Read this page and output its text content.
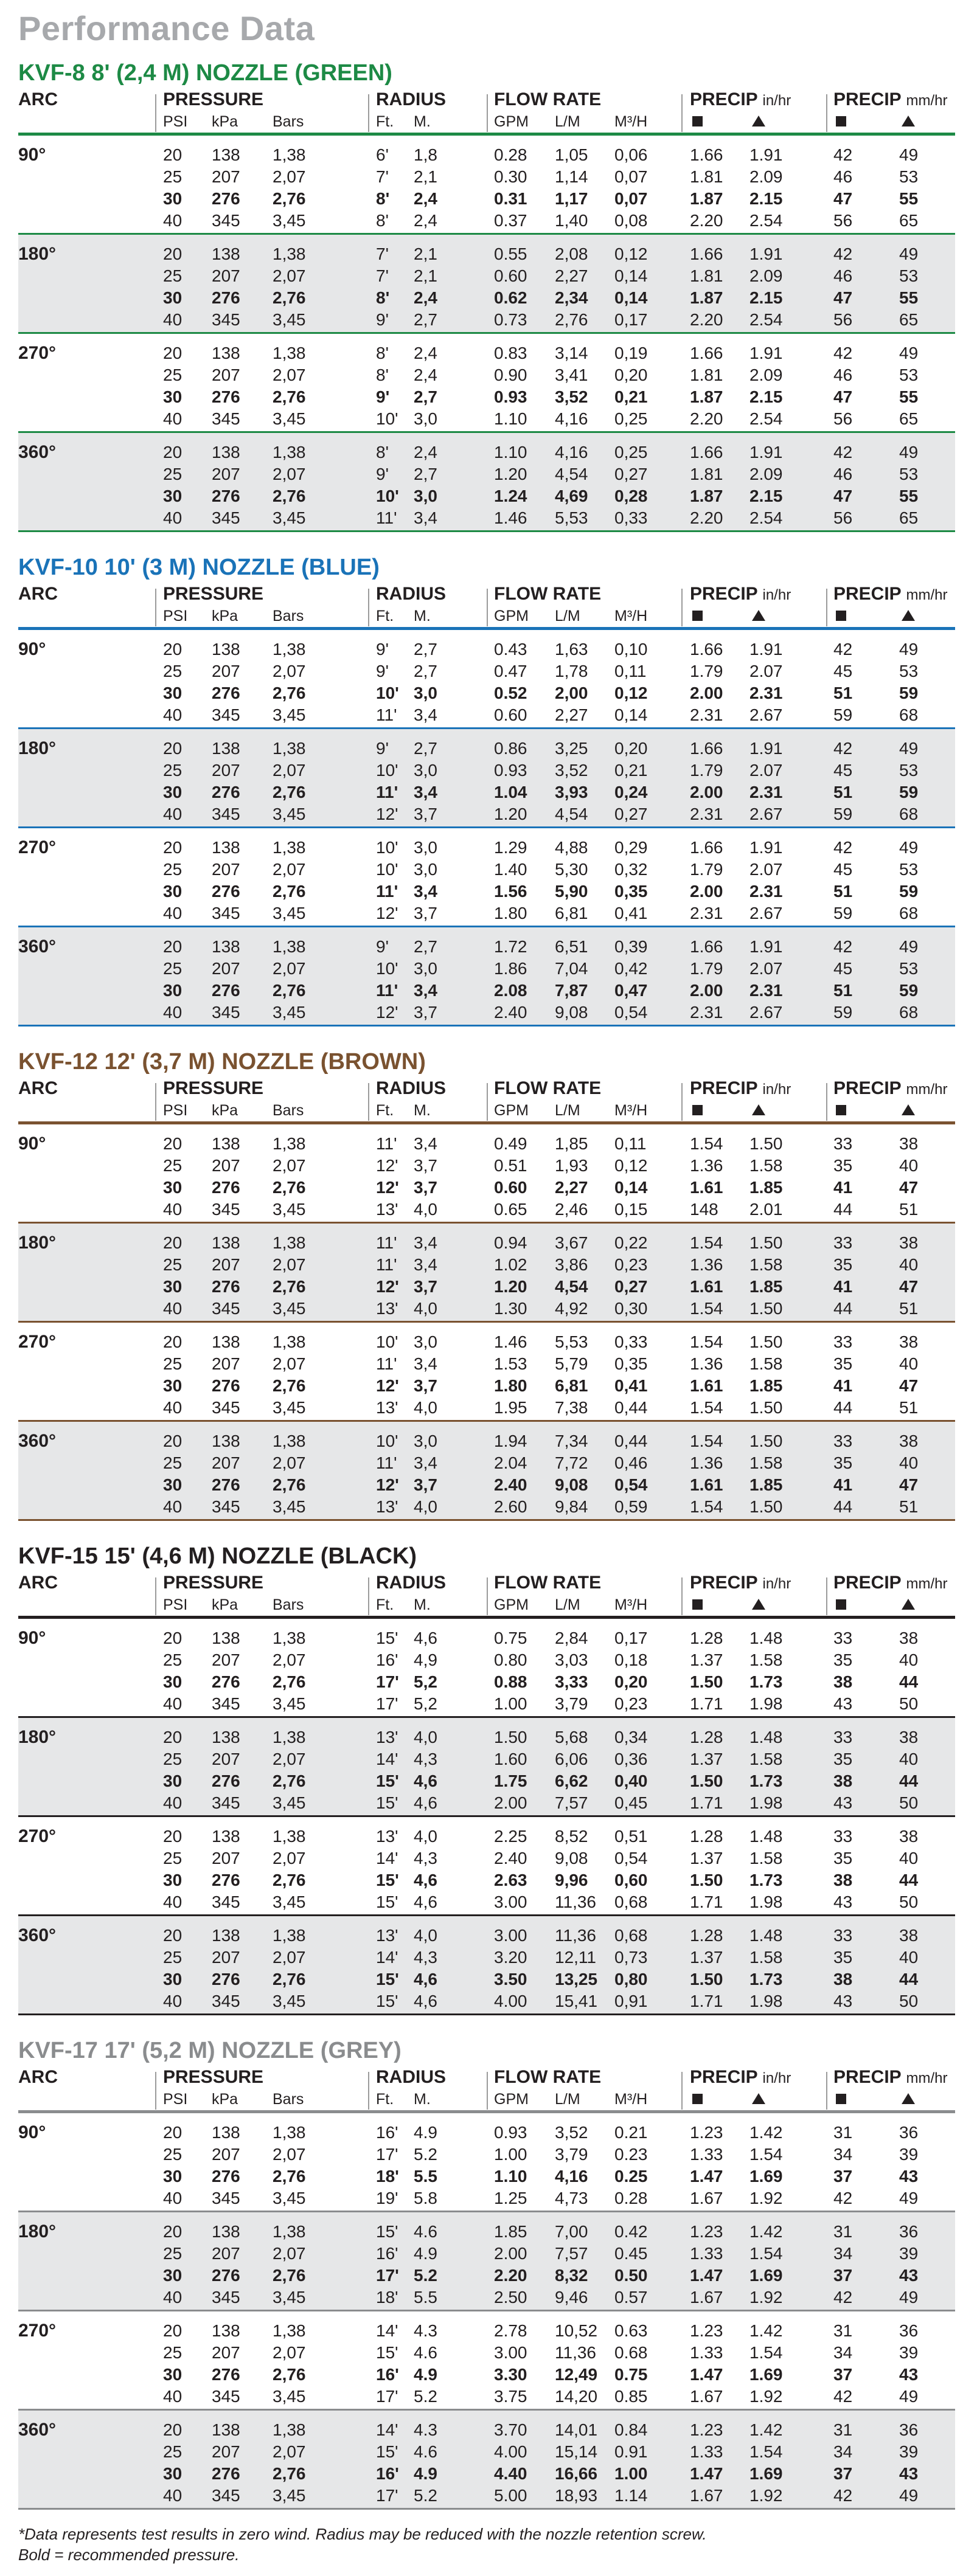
Performance Data
KVF-8 8' (2,4 M) NOZZLE (GREEN)
ARC	PRESSURE	RADIUS	FLOW RATE	PRECIP in/hr PRECIP mm/hr
PSI kPa Bars	Ft. M.	GPM L/M M³/H
90°	20 138 1,38	6' 1,8	0.28 1,05 0,06 1.66 1.91	42	49
25 207 2,07	7' 2,1	0.30 1,14 0,07 1.81 2.09	46	53
30 276 2,76	8' 2,4	0.31 1,17 0,07 1.87 2.15	47	55
40 345 3,45	8' 2,4	0.37 1,40 0,08 2.20 2.54	56	65
180°	20 138 1,38	7' 2,1	0.55 2,08 0,12 1.66 1.91	42	49
25 207 2,07	7' 2,1	0.60 2,27 0,14 1.81 2.09	46	53
30 276 2,76	8' 2,4	0.62 2,34 0,14 1.87 2.15	47	55
40 345 3,45	9' 2,7	0.73 2,76 0,17 2.20 2.54	56	65
270°	20 138 1,38	8' 2,4	0.83 3,14 0,19 1.66 1.91	42	49
25 207 2,07	8' 2,4	0.90 3,41 0,20 1.81 2.09	46	53
30 276 2,76	9' 2,7	0.93 3,52 0,21 1.87 2.15	47	55
40 345 3,45	10' 3,0	1.10 4,16 0,25 2.20 2.54	56	65
360°	20 138 1,38	8' 2,4	1.10 4,16 0,25 1.66 1.91	42	49
25 207 2,07	9' 2,7	1.20 4,54 0,27 1.81 2.09	46	53
30 276 2,76	10' 3,0	1.24 4,69 0,28 1.87 2.15	47	55
40 345 3,45	11' 3,4	1.46 5,53 0,33 2.20 2.54	56	65
KVF-10 10' (3 M) NOZZLE (BLUE)
ARC	PRESSURE	RADIUS	FLOW RATE	PRECIP in/hr PRECIP mm/hr
PSI kPa Bars	Ft. M.	GPM L/M M³/H
90°	20 138 1,38	9' 2,7	0.43 1,63 0,10 1.66 1.91	42	49
25 207 2,07	9' 2,7	0.47 1,78 0,11	1.79 2.07	45	53
30 276 2,76	10' 3,0	0.52 2,00 0,12 2.00 2.31	51	59
40 345 3,45	11' 3,4	0.60 2,27 0,14 2.31 2.67	59	68
180°	20 138 1,38	9' 2,7	0.86 3,25 0,20 1.66 1.91	42	49
25 207 2,07	10' 3,0	0.93 3,52 0,21 1.79 2.07	45	53
30 276 2,76	11' 3,4	1.04 3,93 0,24 2.00 2.31	51	59
40 345 3,45	12' 3,7	1.20 4,54 0,27 2.31 2.67	59	68
270°	20 138 1,38	10' 3,0	1.29 4,88 0,29 1.66 1.91	42	49
25 207 2,07	10' 3,0	1.40 5,30 0,32 1.79 2.07	45	53
30 276 2,76	11' 3,4	1.56 5,90 0,35 2.00 2.31	51	59
40 345 3,45	12' 3,7	1.80 6,81 0,41 2.31 2.67	59	68
360°	20 138 1,38	9' 2,7	1.72 6,51 0,39 1.66 1.91	42	49
25 207 2,07	10' 3,0	1.86 7,04 0,42 1.79 2.07	45	53
30 276 2,76	11' 3,4	2.08 7,87 0,47 2.00 2.31	51	59
40 345 3,45	12' 3,7	2.40 9,08 0,54 2.31 2.67	59	68
KVF-12 12' (3,7 M) NOZZLE (BROWN)
ARC	PRESSURE	RADIUS	FLOW RATE	PRECIP in/hr PRECIP mm/hr
PSI kPa Bars	Ft. M.	GPM L/M M³/H
90°	20 138 1,38	11' 3,4	0.49 1,85 0,11	1.54 1.50	33	38
25 207 2,07	12' 3,7	0.51 1,93 0,12 1.36 1.58	35	40
30 276 2,76	12' 3,7	0.60 2,27 0,14 1.61 1.85	41	47
40 345 3,45	13' 4,0	0.65 2,46 0,15 148 2.01	44	51
180°	20 138 1,38	11' 3,4	0.94 3,67 0,22 1.54 1.50	33	38
25 207 2,07	11' 3,4	1.02 3,86 0,23 1.36 1.58	35	40
30 276 2,76	12' 3,7	1.20 4,54 0,27 1.61 1.85	41	47
40 345 3,45	13' 4,0	1.30 4,92 0,30 1.54 1.50	44	51
270°	20 138 1,38	10' 3,0	1.46 5,53 0,33 1.54 1.50	33	38
25 207 2,07	11' 3,4	1.53 5,79 0,35 1.36 1.58	35	40
30 276 2,76	12' 3,7	1.80 6,81 0,41 1.61 1.85	41	47
40 345 3,45	13' 4,0	1.95 7,38 0,44 1.54 1.50	44	51
360°	20 138 1,38	10' 3,0	1.94 7,34 0,44 1.54 1.50	33	38
25 207 2,07	11' 3,4	2.04 7,72 0,46 1.36 1.58	35	40
30 276 2,76	12' 3,7	2.40 9,08 0,54 1.61 1.85	41	47
40 345 3,45	13' 4,0	2.60 9,84 0,59 1.54 1.50	44	51
KVF-15 15' (4,6 M) NOZZLE (BLACK)
ARC	PRESSURE	RADIUS	FLOW RATE	PRECIP in/hr PRECIP mm/hr
PSI kPa Bars	Ft. M.	GPM L/M M³/H
90°	20 138 1,38	15' 4,6	0.75 2,84 0,17 1.28 1.48	33	38
25 207 2,07	16' 4,9	0.80 3,03 0,18 1.37 1.58	35	40
30 276 2,76	17' 5,2	0.88 3,33 0,20 1.50 1.73	38	44
40 345 3,45	17' 5,2	1.00 3,79 0,23 1.71 1.98	43	50
180°	20 138 1,38	13' 4,0	1.50 5,68 0,34 1.28 1.48	33	38
25 207 2,07	14' 4,3	1.60 6,06 0,36 1.37 1.58	35	40
30 276 2,76	15' 4,6	1.75 6,62 0,40 1.50 1.73	38	44
40 345 3,45	15' 4,6	2.00 7,57 0,45 1.71 1.98	43	50
270°	20 138 1,38	13' 4,0	2.25 8,52 0,51 1.28 1.48	33	38
25 207 2,07	14' 4,3	2.40 9,08 0,54 1.37 1.58	35	40
30 276 2,76	15' 4,6	2.63 9,96 0,60 1.50 1.73	38	44
40 345 3,45	15' 4,6	3.00 11,36 0,68 1.71 1.98	43	50
360°	20 138 1,38	13' 4,0	3.00 11,36 0,68 1.28 1.48	33	38
25 207 2,07	14' 4,3	3.20 12,11 0,73 1.37 1.58	35	40
30 276 2,76	15' 4,6	3.50 13,25 0,80 1.50 1.73	38	44
40 345 3,45	15' 4,6	4.00 15,41 0,91 1.71 1.98	43	50
KVF-17 17' (5,2 M) NOZZLE (GREY)
ARC	PRESSURE	RADIUS	FLOW RATE	PRECIP in/hr PRECIP mm/hr
PSI kPa Bars	Ft. M.	GPM L/M M³/H
90°	20 138 1,38	16' 4.9	0.93 3,52 0.21 1.23 1.42	31	36
25 207 2,07	17' 5.2	1.00 3,79 0.23 1.33 1.54	34	39
30 276 2,76	18' 5.5	1.10 4,16 0.25 1.47 1.69	37	43
40 345 3,45	19' 5.8	1.25 4,73 0.28 1.67 1.92	42	49
180°	20 138 1,38	15' 4.6	1.85 7,00 0.42 1.23 1.42	31	36
25 207 2,07	16' 4.9	2.00 7,57 0.45 1.33 1.54	34	39
30 276 2,76	17' 5.2	2.20 8,32 0.50 1.47 1.69	37	43
40 345 3,45	18' 5.5	2.50 9,46 0.57 1.67 1.92	42	49
270°	20 138 1,38	14' 4.3	2.78 10,52 0.63 1.23 1.42	31	36
25 207 2,07	15' 4.6	3.00 11,36 0.68 1.33 1.54	34	39
30 276 2,76	16' 4.9	3.30 12,49 0.75 1.47 1.69	37	43
40 345 3,45	17' 5.2	3.75 14,20 0.85 1.67 1.92	42	49
360°	20 138 1,38	14' 4.3	3.70 14,01 0.84 1.23 1.42	31	36
25 207 2,07	15' 4.6	4.00 15,14 0.91 1.33 1.54	34	39
30 276 2,76	16' 4.9	4.40 16,66 1.00 1.47 1.69	37	43
40 345 3,45	17' 5.2	5.00 18,93 1.14 1.67 1.92	42	49
*Data represents test results in zero wind. Radius may be reduced with the nozzle retention screw.
Bold = recommended pressure.
